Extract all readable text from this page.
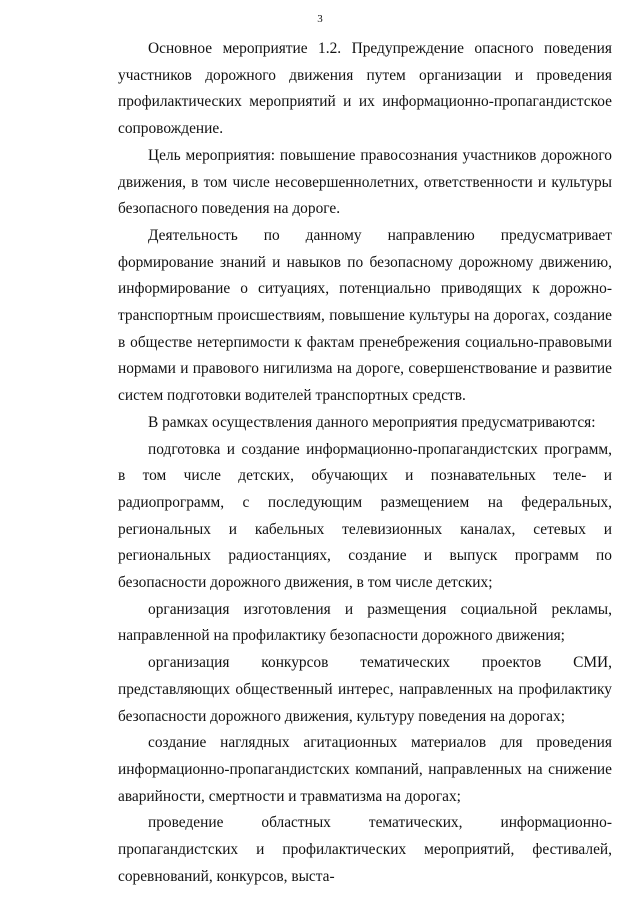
3

Основное мероприятие 1.2. Предупреждение опасного поведения участников дорожного движения путем организации и проведения профилактических мероприятий и их информационно-пропагандистское сопровождение.

Цель мероприятия: повышение правосознания участников дорожного движения, в том числе несовершеннолетних, ответственности и культуры безопасного поведения на дороге.

Деятельность по данному направлению предусматривает формирование знаний и навыков по безопасному дорожному движению, информирование о ситуациях, потенциально приводящих к дорожно-транспортным происшествиям, повышение культуры на дорогах, создание в обществе нетерпимости к фактам пренебрежения социально-правовыми нормами и правового нигилизма на дороге, совершенствование и развитие систем подготовки водителей транспортных средств.

В рамках осуществления данного мероприятия предусматриваются:

подготовка и создание информационно-пропагандистских программ, в том числе детских, обучающих и познавательных теле- и радиопрограмм, с последующим размещением на федеральных, региональных и кабельных телевизионных каналах, сетевых и региональных радиостанциях, создание и выпуск программ по безопасности дорожного движения, в том числе детских;

организация изготовления и размещения социальной рекламы, направленной на профилактику безопасности дорожного движения;

организация конкурсов тематических проектов СМИ, представляющих общественный интерес, направленных на профилактику безопасности дорожного движения, культуру поведения на дорогах;

создание наглядных агитационных материалов для проведения информационно-пропагандистских компаний, направленных на снижение аварийности, смертности и травматизма на дорогах;

проведение областных тематических, информационно-пропагандистских и профилактических мероприятий, фестивалей, соревнований, конкурсов, выста-
